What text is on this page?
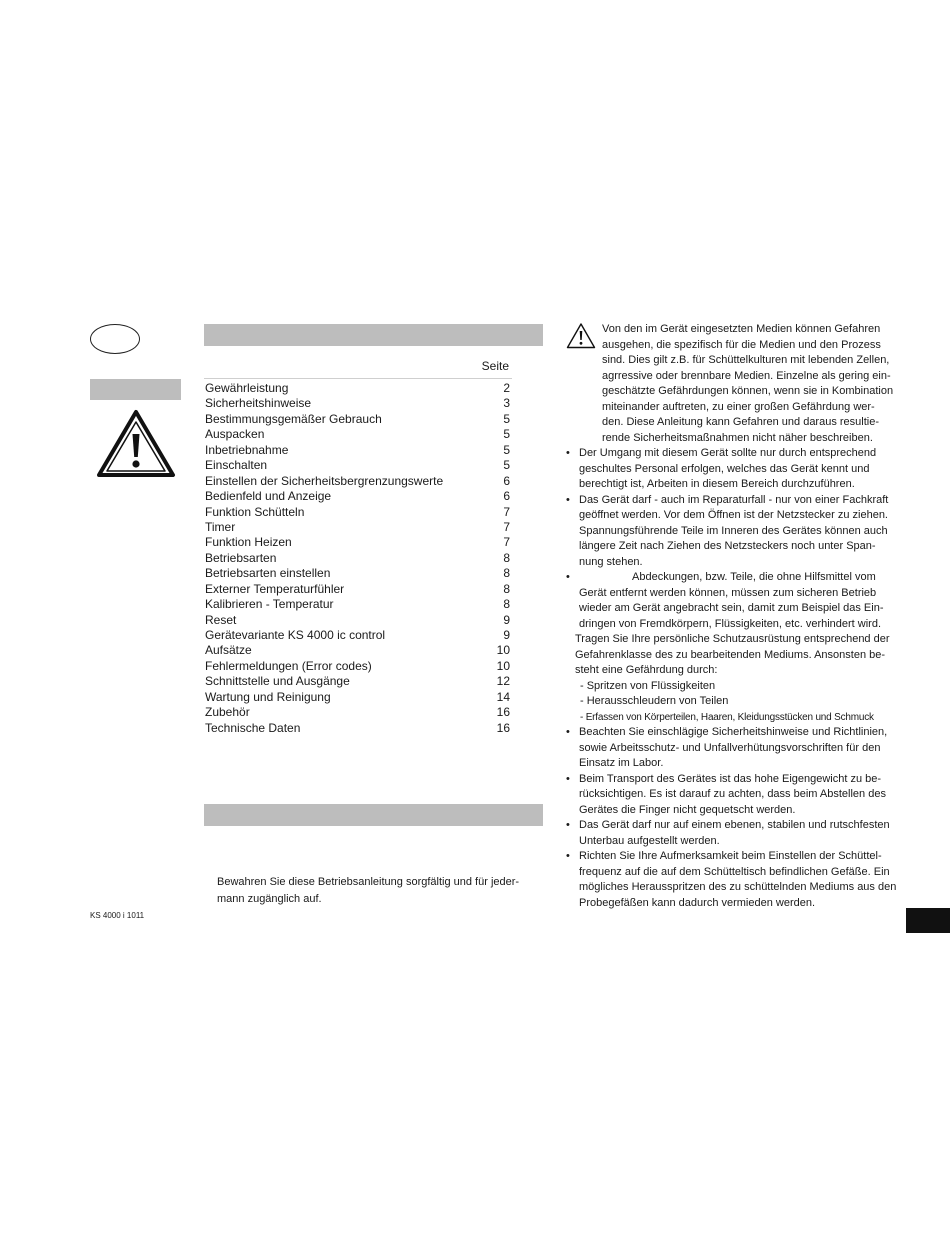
Seite
Gewährleistung	2
Sicherheitshinweise	3
Bestimmungsgemäßer Gebrauch	5
Auspacken	5
Inbetriebnahme	5
Einschalten	5
Einstellen der Sicherheitsbergrenzungswerte	6
Bedienfeld und Anzeige	6
Funktion Schütteln	7
Timer	7
Funktion Heizen	7
Betriebsarten	8
Betriebsarten einstellen	8
Externer Temperaturfühler	8
Kalibrieren - Temperatur	8
Reset	9
Gerätevariante KS 4000 ic control	9
Aufsätze	10
Fehlermeldungen (Error codes)	10
Schnittstelle und Ausgänge	12
Wartung und Reinigung	14
Zubehör	16
Technische Daten	16
Bewahren Sie diese Betriebsanleitung sorgfältig und für jeder-
mann zugänglich auf.
KS 4000 i 1011
Von den im Gerät eingesetzten Medien können Gefahren
ausgehen, die spezifisch für die Medien und den Prozess
sind. Dies gilt z.B. für Schüttelkulturen mit lebenden Zellen,
agrressive oder brennbare Medien. Einzelne als gering ein-
geschätzte Gefährdungen können, wenn sie in Kombination
miteinander auftreten, zu einer großen Gefährdung wer-
den. Diese Anleitung kann Gefahren und daraus resultie-
rende Sicherheitsmaßnahmen nicht näher beschreiben.
• Der Umgang mit diesem Gerät sollte nur durch entsprechend
geschultes Personal erfolgen, welches das Gerät kennt und
berechtigt ist, Arbeiten in diesem Bereich durchzuführen.
• Das Gerät darf - auch im Reparaturfall - nur von einer Fachkraft
geöffnet werden. Vor dem Öffnen ist der Netzstecker zu ziehen.
Spannungsführende Teile im Inneren des Gerätes können auch
längere Zeit nach Ziehen des Netzsteckers noch unter Span-
nung stehen.
• Abdeckungen, bzw. Teile, die ohne Hilfsmittel vom
Gerät entfernt werden können, müssen zum sicheren Betrieb
wieder am Gerät angebracht sein, damit zum Beispiel das Ein-
dringen von Fremdkörpern, Flüssigkeiten, etc. verhindert wird.
Tragen Sie Ihre persönliche Schutzausrüstung entsprechend der
Gefahrenklasse des zu bearbeitenden Mediums. Ansonsten be-
steht eine Gefährdung durch:
- Spritzen von Flüssigkeiten
- Herausschleudern von Teilen
- Erfassen von Körperteilen, Haaren, Kleidungsstücken und Schmuck
• Beachten Sie einschlägige Sicherheitshinweise und Richtlinien,
sowie Arbeitsschutz- und Unfallverhütungsvorschriften für den
Einsatz im Labor.
• Beim Transport des Gerätes ist das hohe Eigengewicht zu be-
rücksichtigen. Es ist darauf zu achten, dass beim Abstellen des
Gerätes die Finger nicht gequetscht werden.
• Das Gerät darf nur auf einem ebenen, stabilen und rutschfesten
Unterbau aufgestellt werden.
• Richten Sie Ihre Aufmerksamkeit beim Einstellen der Schüttel-
frequenz auf die auf dem Schütteltisch befindlichen Gefäße. Ein
mögliches Herausspritzen des zu schüttelnden Mediums aus den
Probegefäßen kann dadurch vermieden werden.
